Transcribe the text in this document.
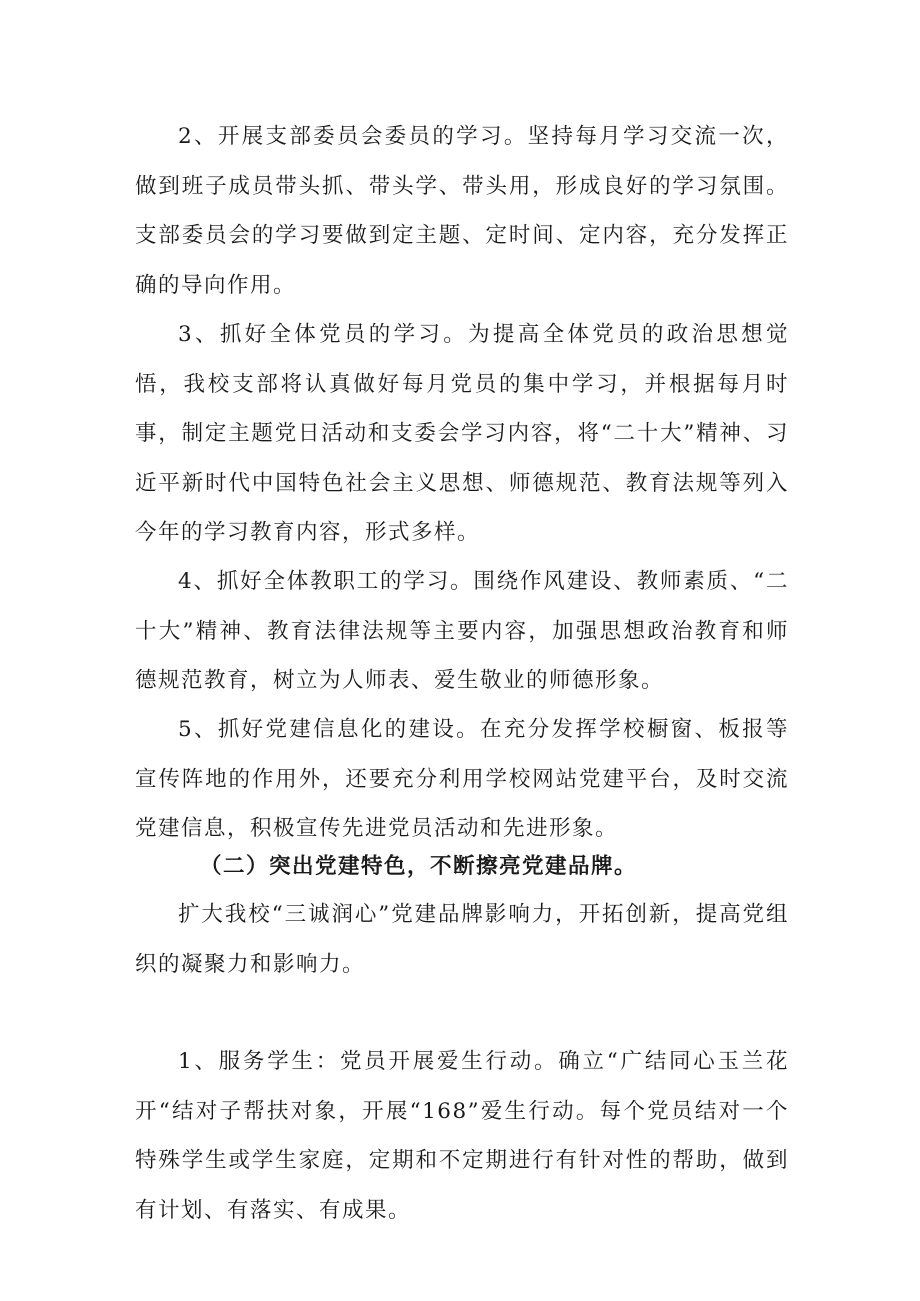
2、开展支部委员会委员的学习。坚持每月学习交流一次，做到班子成员带头抓、带头学、带头用，形成良好的学习氛围。支部委员会的学习要做到定主题、定时间、定内容，充分发挥正确的导向作用。

3、抓好全体党员的学习。为提高全体党员的政治思想觉悟，我校支部将认真做好每月党员的集中学习，并根据每月时事，制定主题党日活动和支委会学习内容，将“二十大”精神、习近平新时代中国特色社会主义思想、师德规范、教育法规等列入今年的学习教育内容，形式多样。

4、抓好全体教职工的学习。围绕作风建设、教师素质、“二十大”精神、教育法律法规等主要内容，加强思想政治教育和师德规范教育，树立为人师表、爱生敬业的师德形象。

5、抓好党建信息化的建设。在充分发挥学校橱窗、板报等宣传阵地的作用外，还要充分利用学校网站党建平台，及时交流党建信息，积极宣传先进党员活动和先进形象。

（二）突出党建特色，不断擦亮党建品牌。

扩大我校“三诚润心”党建品牌影响力，开拓创新，提高党组织的凝聚力和影响力。

1、服务学生：党员开展爱生行动。确立“广结同心玉兰花开“结对子帮扶对象，开展“168”爱生行动。每个党员结对一个特殊学生或学生家庭，定期和不定期进行有针对性的帮助，做到有计划、有落实、有成果。
